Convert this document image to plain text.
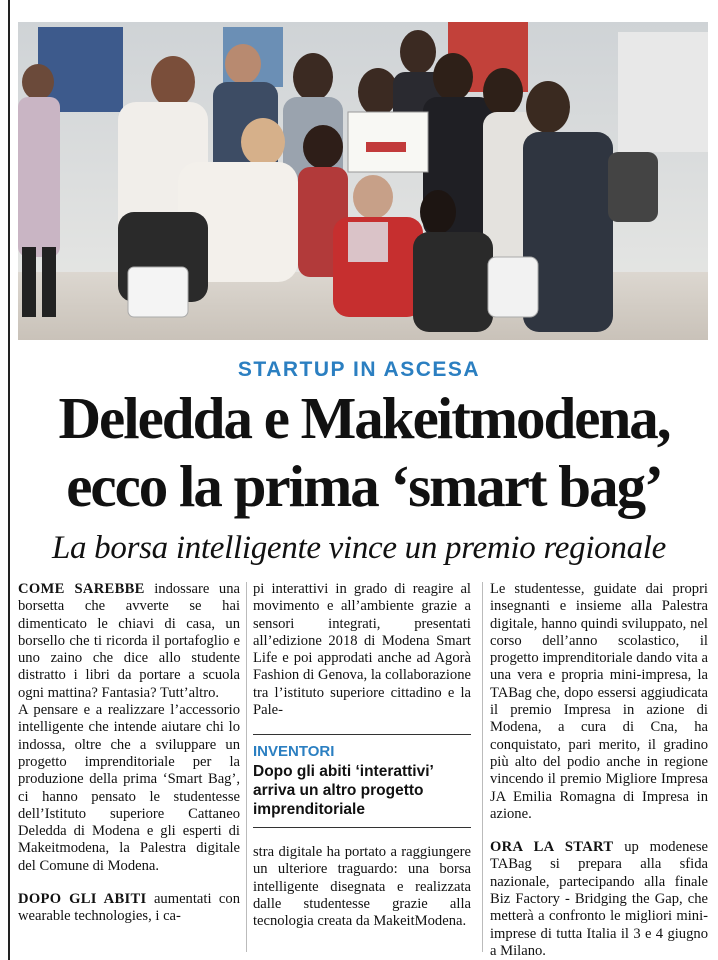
STARTUP IN ASCESA
Deledda e Makeitmodena,
ecco la prima ‘smart bag’
La borsa intelligente vince un premio regionale

COME SAREBBE indossare una borsetta che avverte se hai dimenticato le chiavi di casa, un borsello che ti ricorda il portafoglio e uno zaino che dice allo studente distratto i libri da portare a scuola ogni mattina? Fantasia? Tutt’altro.

A pensare e a realizzare l’accessorio intelligente che intende aiutare chi lo indossa, oltre che a sviluppare un progetto imprenditoriale per la produzione della prima ‘Smart Bag’, ci hanno pensato le studentesse dell’Istituto superiore Cattaneo Deledda di Modena e gli esperti di Makeitmodena, la Palestra digitale del Comune di Modena.

DOPO GLI ABITI aumentati con wearable technologies, i ca-

pi interattivi in grado di reagire al movimento e all’ambiente grazie a sensori integrati, presentati all’edizione 2018 di Modena Smart Life e poi approdati anche ad Agorà Fashion di Genova, la collaborazione tra l’istituto superiore cittadino e la Pale-

INVENTORI
Dopo gli abiti ‘interattivi’ arriva un altro progetto imprenditoriale

stra digitale ha portato a raggiungere un ulteriore traguardo: una borsa intelligente disegnata e realizzata dalle studentesse grazie alla tecnologia creata da MakeitModena.

Le studentesse, guidate dai propri insegnanti e insieme alla Palestra digitale, hanno quindi sviluppato, nel corso dell’anno scolastico, il progetto imprenditoriale dando vita a una vera e propria mini-impresa, la TABag che, dopo essersi aggiudicata il premio Impresa in azione di Modena, a cura di Cna, ha conquistato, pari merito, il gradino più alto del podio anche in regione vincendo il premio Migliore Impresa JA Emilia Romagna di Impresa in azione.

ORA LA START up modenese TABag si prepara alla sfida nazionale, partecipando alla finale Biz Factory - Bridging the Gap, che metterà a confronto le migliori mini-imprese di tutta Italia il 3 e 4 giugno a Milano.
